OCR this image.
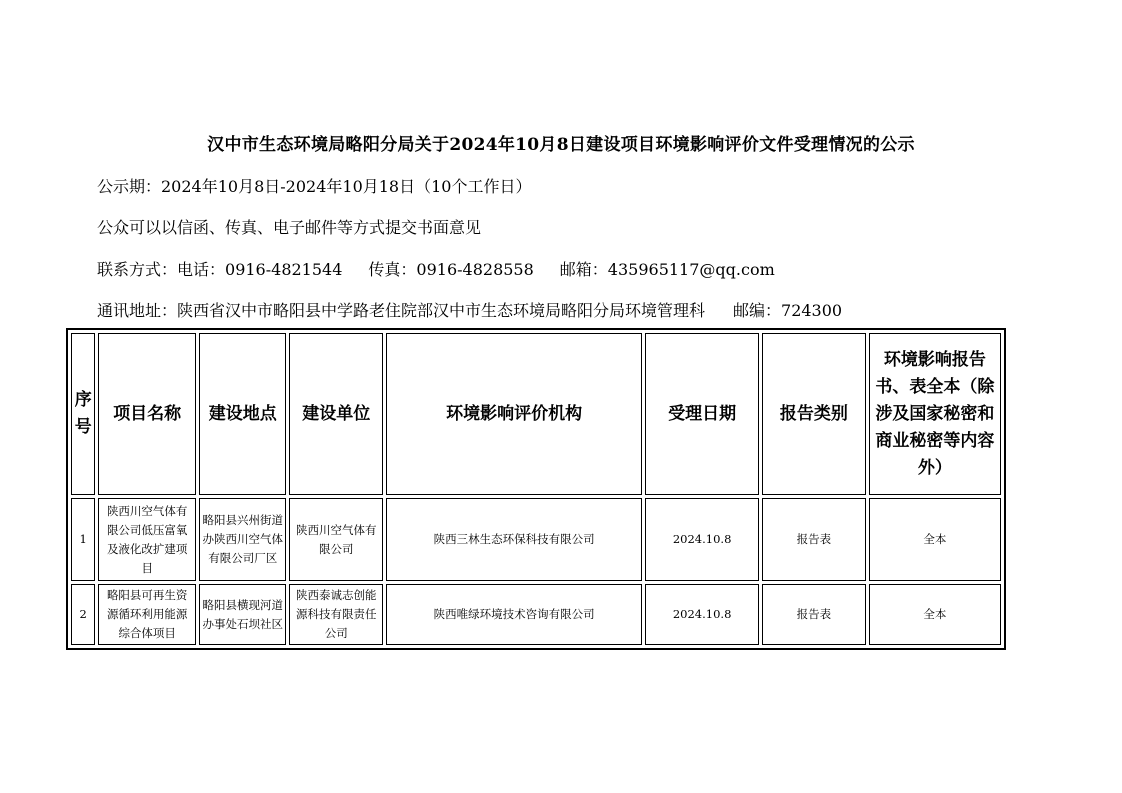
汉中市生态环境局略阳分局关于2024年10月8日建设项目环境影响评价文件受理情况的公示
公示期：2024年10月8日-2024年10月18日（10个工作日）
公众可以以信函、传真、电子邮件等方式提交书面意见
联系方式：电话：0916-4821544 传真：0916-4828558 邮箱：435965117@qq.com
通讯地址：陕西省汉中市略阳县中学路老住院部汉中市生态环境局略阳分局环境管理科 邮编：724300
序号	项目名称	建设地点	建设单位	环境影响评价机构	受理日期	报告类别	环境影响报告书、表全本（除涉及国家秘密和商业秘密等内容外）
1	陕西川空气体有限公司低压富氧及液化改扩建项目	略阳县兴州街道办陕西川空气体有限公司厂区	陕西川空气体有限公司	陕西三林生态环保科技有限公司	2024.10.8	报告表	全本
2	略阳县可再生资源循环利用能源综合体项目	略阳县横现河道办事处石坝社区	陕西泰诚志创能源科技有限责任公司	陕西唯绿环境技术咨询有限公司	2024.10.8	报告表	全本
